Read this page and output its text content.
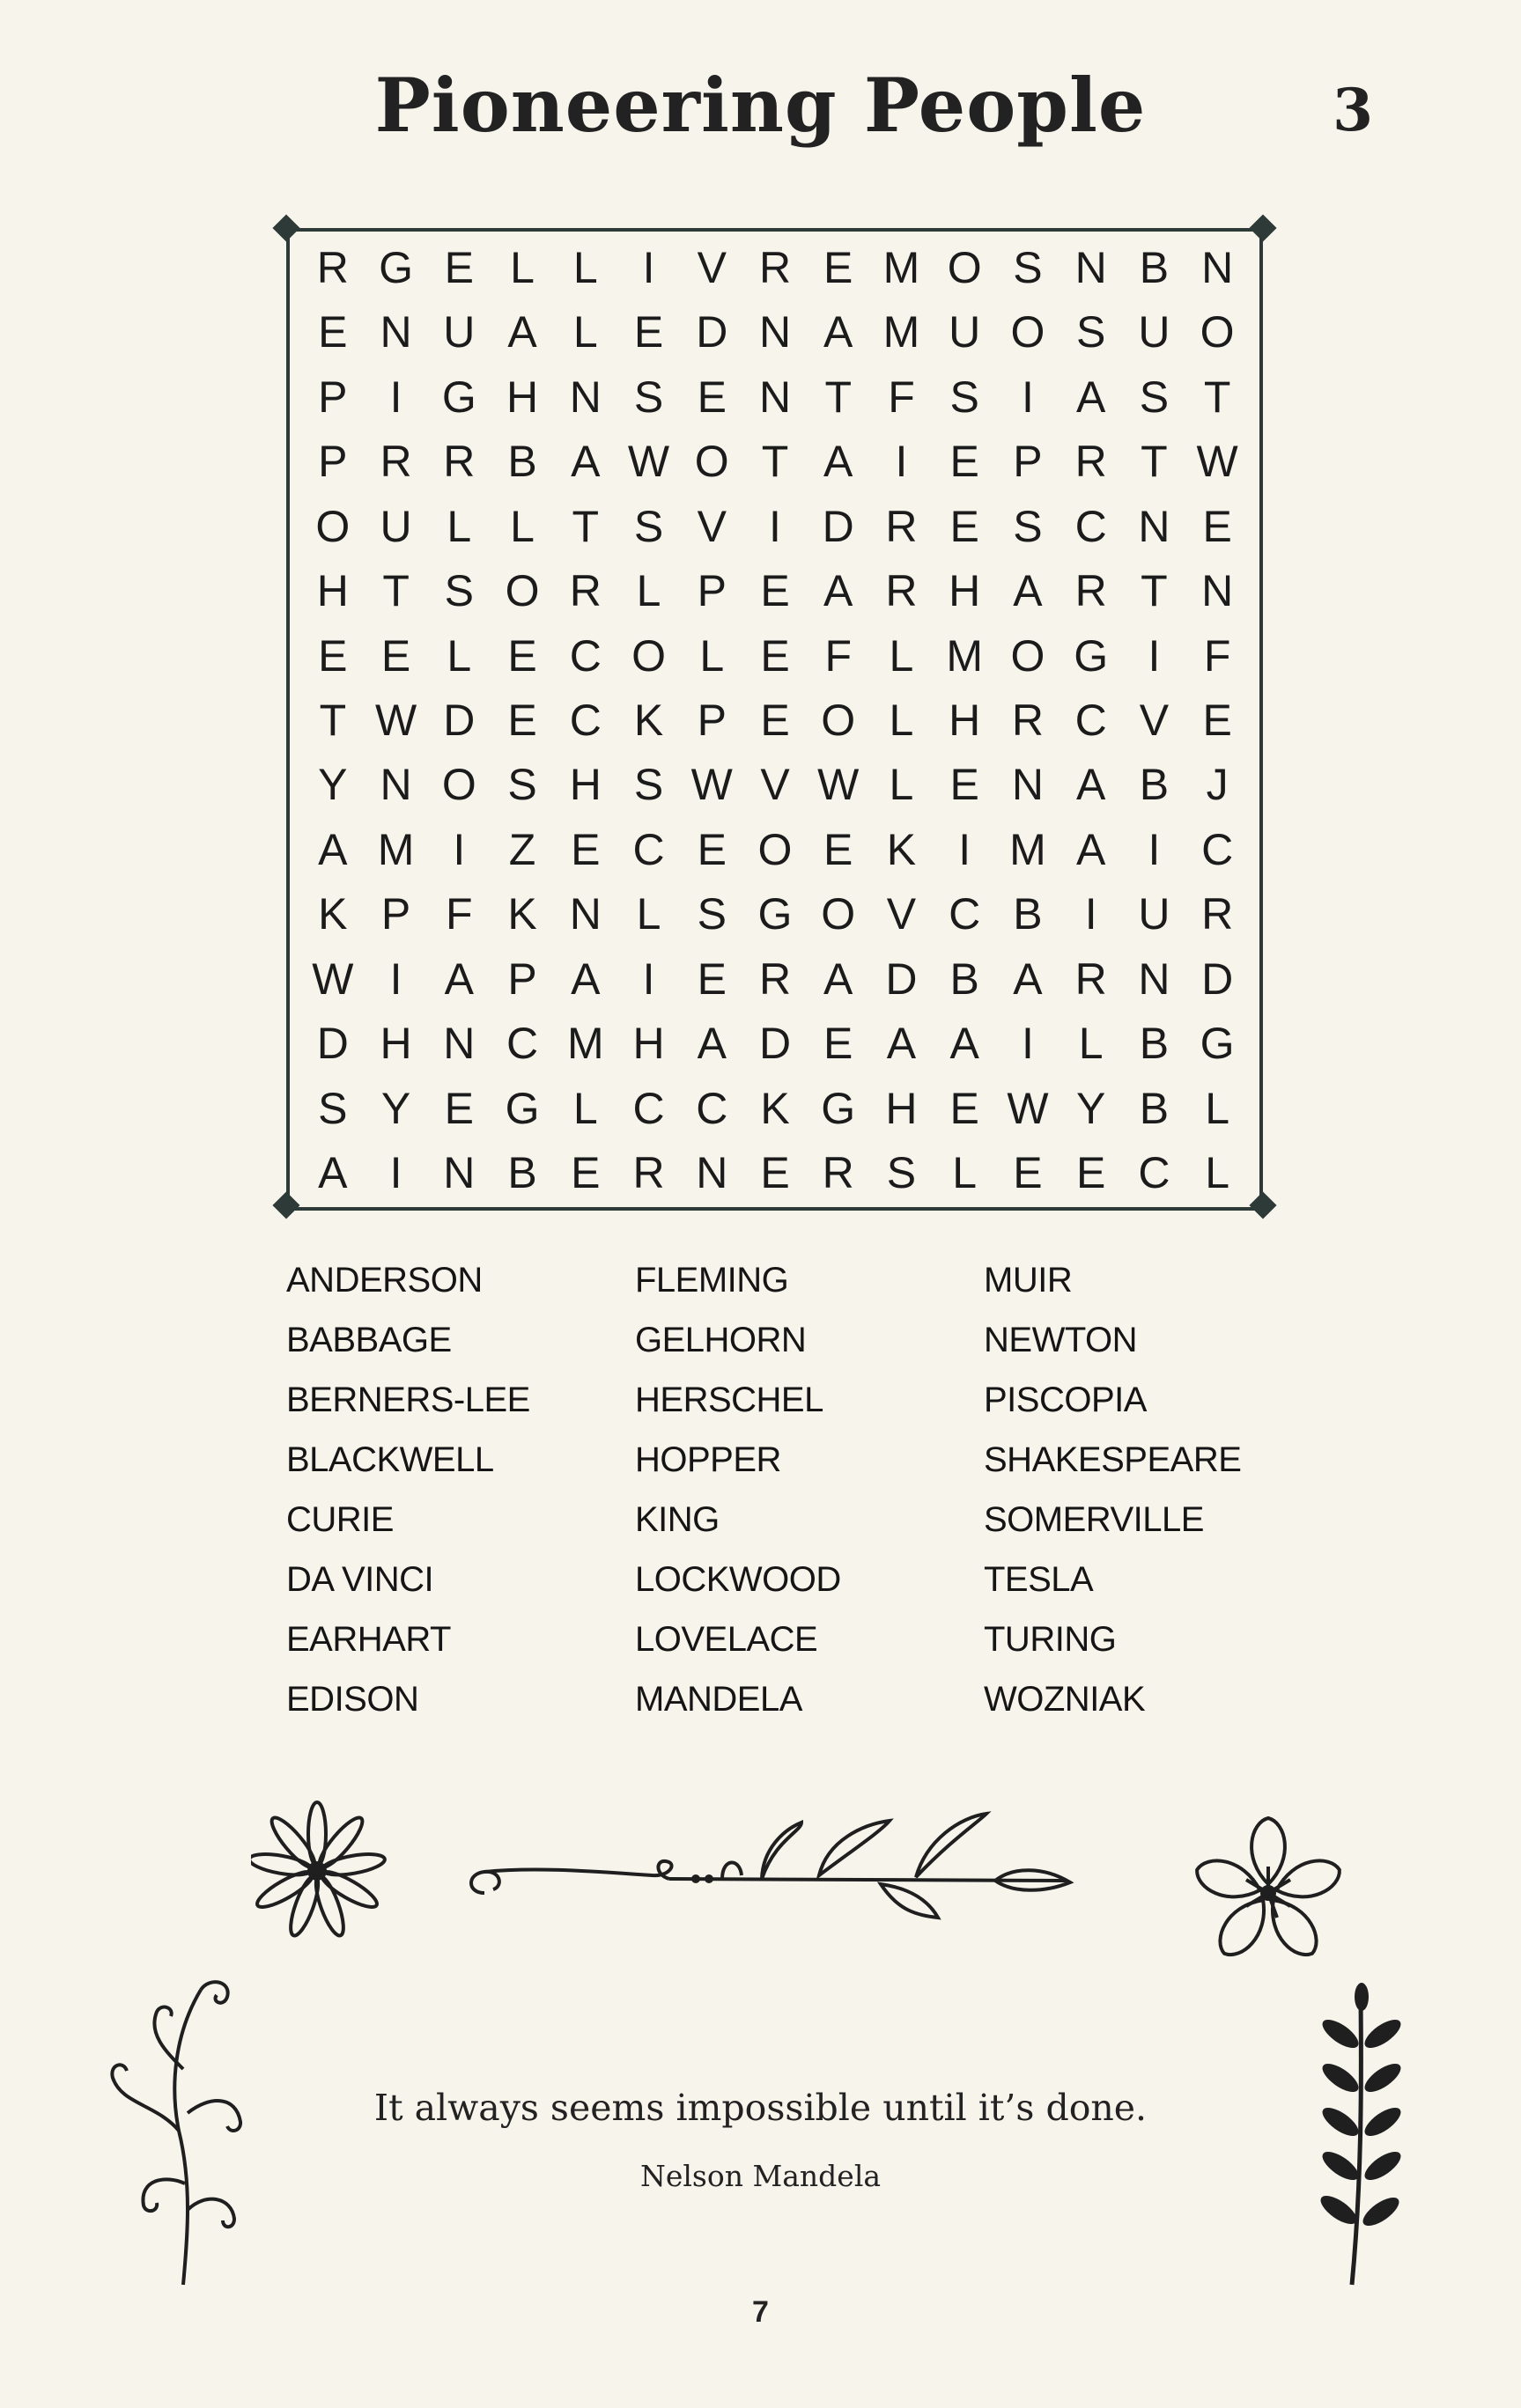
Pioneering People	3
R G E L L	I V R E M O S N B N
E N U A L E D N A M U O S U O
P I G H N S E N T F S I A S T
P R R B A W O T A I E P R T W
O U L L T S V I D R E S C N E
H T S O R L P E A R H A R T N
E E L E C O L E F L M O G I F
T W D E C K P E O L H R C V E
Y N O S H S W V W L E N A B J
A M I Z E C E O E K I M A I C
K P F K N L S G O V C B I U R
W I A P A I E R A D B A R N D
D H N C M H A D E A A I	L B G
S Y E G L C C K G H E W Y B L
A I N B E R N E R S L E E C L
ANDERSON
BABBAGE
BERNERS-LEE
BLACKWELL
CURIE
DA VINCI
EARHART
EDISON
FLEMING
GELHORN
HERSCHEL
HOPPER
KING
LOCKWOOD
LOVELACE
MANDELA
MUIR
NEWTON
PISCOPIA
SHAKESPEARE
SOMERVILLE
TESLA
TURING
WOZNIAK
It always seems impossible until it’s done.
Nelson Mandela
7
